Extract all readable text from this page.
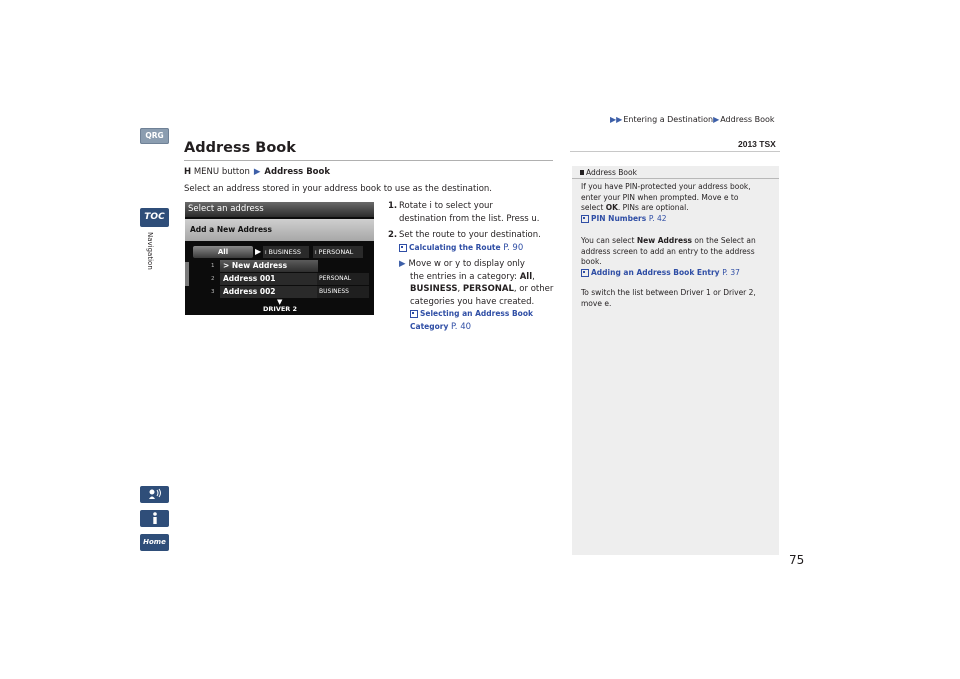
▶▶Entering a Destination▶Address Book
2013 TSX
QRG
TOC
Navigation
Home
Address Book
H MENU button ▶ Address Book
Select an address stored in your address book to use as the destination.
Select an address
Add a New Address
All	▶ i BUSINESS	i PERSONAL
1	> New Address
2	Address 001	PERSONAL
3	Address 002	BUSINESS
▼
DRIVER 2
1. Rotate i to select your
destination from the list. Press u.
2. Set the route to your destination.
Calculating the Route P. 90
▶ Move w or y to display only
the entries in a category: All,
BUSINESS, PERSONAL, or other
categories you have created.
Selecting an Address Book
Category P. 40
Address Book
If you have PIN-protected your address book,
enter your PIN when prompted. Move e to
select OK. PINs are optional.
PIN Numbers P. 42
You can select New Address on the Select an
address screen to add an entry to the address
book.
Adding an Address Book Entry P. 37
To switch the list between Driver 1 or Driver 2,
move e.
75
